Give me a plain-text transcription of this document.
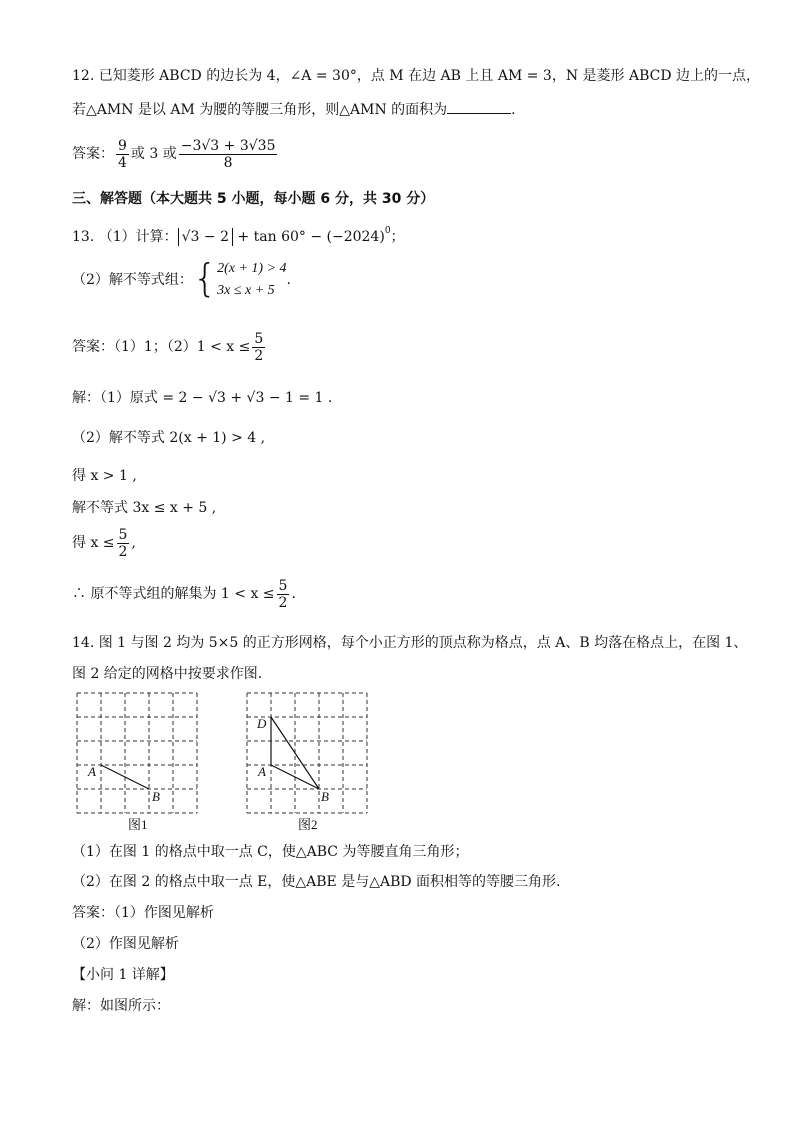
12. 已知菱形 ABCD 的边长为 4，∠A = 30°，点 M 在边 AB 上且 AM = 3，N 是菱形 ABCD 边上的一点，
若△AMN 是以 AM 为腰的等腰三角形，则△AMN 的面积为	.
答案： $\frac{9}{4}$ 或 3 或 $\frac{-3√3 + 3√35}{8}$
三、解答题（本大题共 5 小题，每小题 6 分，共 30 分）
13. （1）计算： $√3 - 2 + \tan 60^\circ - (-2024)^0$；
（2）解不等式组： { 2(x + 1) > 4
3x ≤ x + 5
.
答案：（1）1；$(2)1 < x \le \frac{5}{2}$
解：（1）原式 = 2 − √3 + √3 − 1 = 1 .
（2）解不等式 2(x + 1) > 4 ,
得 x > 1 ,
解不等式 3x ≤ x + 5 ,
得 $x \le \frac{5}{2}$ ,
∴ 原不等式组的解集为 $1 < x \le \frac{5}{2}$ .
14. 图 1 与图 2 均为 5×5 的正方形网格，每个小正方形的顶点称为格点，点 A、B 均落在格点上，在图 1、
图 2 给定的网格中按要求作图.
A
B
图1
D
A
B
图2
（1）在图 1 的格点中取一点 C，使△ABC 为等腰直角三角形；
（2）在图 2 的格点中取一点 E，使△ABE 是与△ABD 面积相等的等腰三角形.
答案：（1）作图见解析
（2）作图见解析
【小问 1 详解】
解：如图所示：
